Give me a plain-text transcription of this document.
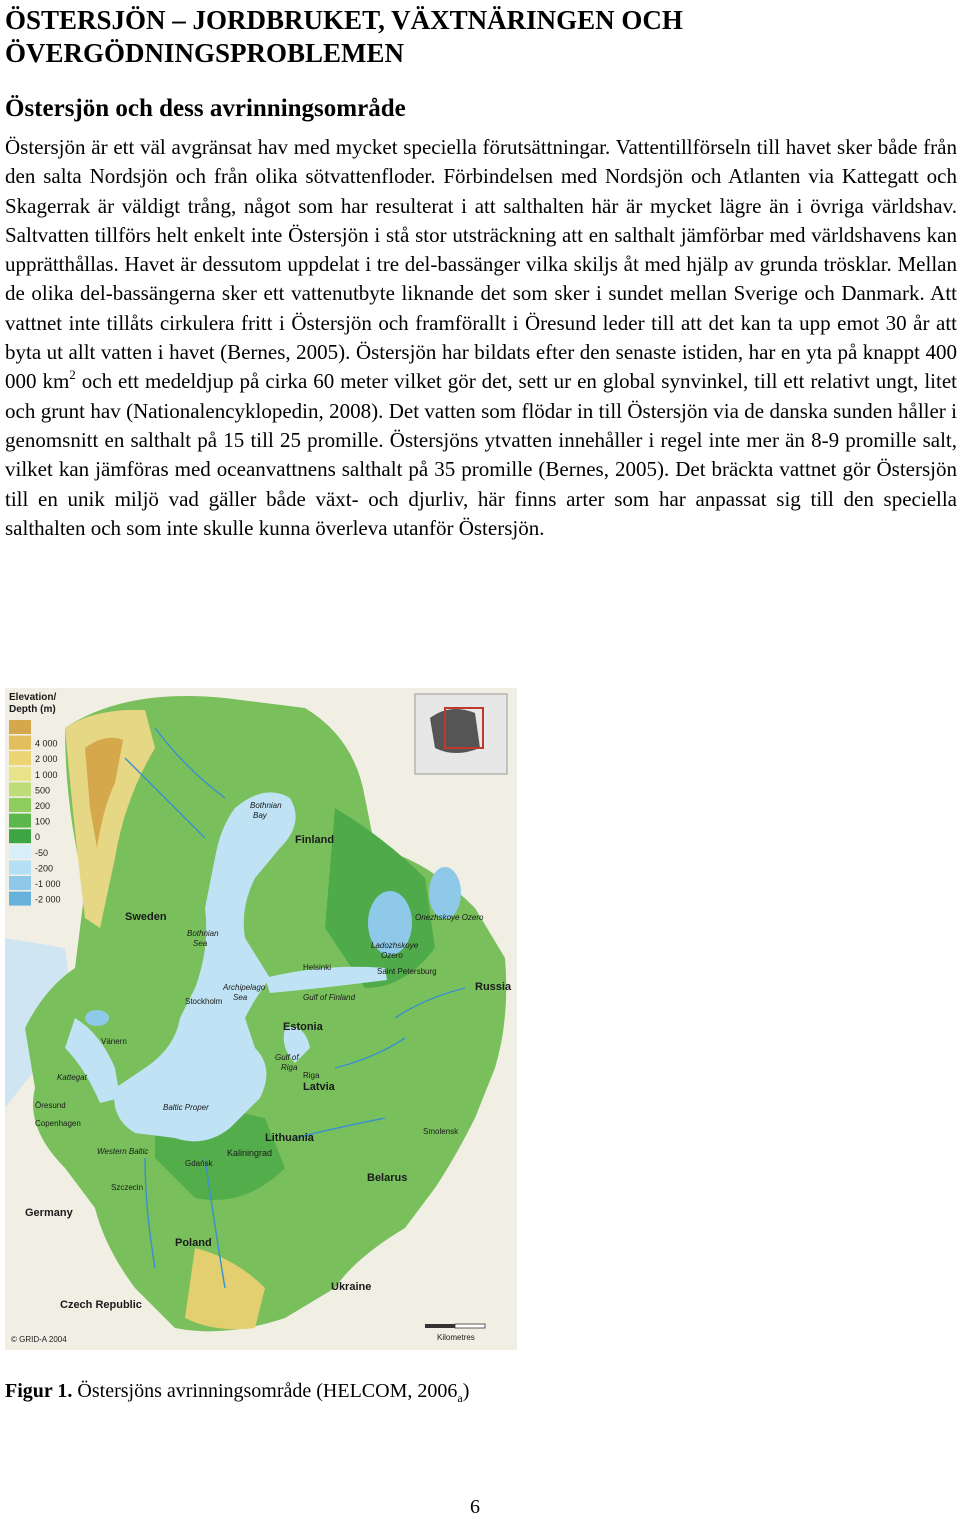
ÖSTERSJÖN – JORDBRUKET, VÄXTNÄRINGEN OCH ÖVERGÖDNINGSPROBLEMEN
Östersjön och dess avrinningsområde

Östersjön är ett väl avgränsat hav med mycket speciella förutsättningar. Vattentillförseln till havet sker både från den salta Nordsjön och från olika sötvattenfloder. Förbindelsen med Nordsjön och Atlanten via Kattegatt och Skagerrak är väldigt trång, något som har resulterat i att salthalten här är mycket lägre än i övriga världshav. Saltvatten tillförs helt enkelt inte Östersjön i stå stor utsträckning att en salthalt jämförbar med världshavens kan upprätthållas. Havet är dessutom uppdelat i tre del-bassänger vilka skiljs åt med hjälp av grunda trösklar. Mellan de olika del-bassängerna sker ett vattenutbyte liknande det som sker i sundet mellan Sverige och Danmark. Att vattnet inte tillåts cirkulera fritt i Östersjön och framförallt i Öresund leder till att det kan ta upp emot 30 år att byta ut allt vatten i havet (Bernes, 2005). Östersjön har bildats efter den senaste istiden, har en yta på knappt 400 000 $km^2$ och ett medeldjup på cirka 60 meter vilket gör det, sett ur en global synvinkel, till ett relativt ungt, litet och grunt hav (Nationalencyklopedin, 2008). Det vatten som flödar in till Östersjön via de danska sunden håller i genomsnitt en salthalt på 15 till 25 promille. Östersjöns ytvatten innehåller i regel inte mer än 8-9 promille salt, vilket kan jämföras med oceanvattnens salthalt på 35 promille (Bernes, 2005). Det bräckta vattnet gör Östersjön till en unik miljö vad gäller både växt- och djurliv, här finns arter som har anpassat sig till den speciella salthalten och som inte skulle kunna överleva utanför Östersjön.

Elevation/
Depth (m)
4 000
2 000
1 000
500
200
100
0
-50
-200
-1 000
-2 000
Finland
Sweden
Russia
Estonia
Latvia
Lithuania
Belarus
Poland
Germany
Ukraine
Czech Republic
Kaliningrad
Bothnian
Bay
Bothnian
Sea
Gulf of Finland
Gulf of
Riga
Baltic Proper
Western Baltic
Kattegat
Archipelago
Sea
Stockholm
Helsinki	Saint Petersburg
Copenhagen
Gdańsk
Szczecin
Riga
Smolensk
Vänern
Öresund
Ladozhskoye
Ozero
Onezhskoye Ozero
© GRID-A 2004	Kilometres

Figur 1. Östersjöns avrinningsområde (HELCOM, $2006_a$)

6
